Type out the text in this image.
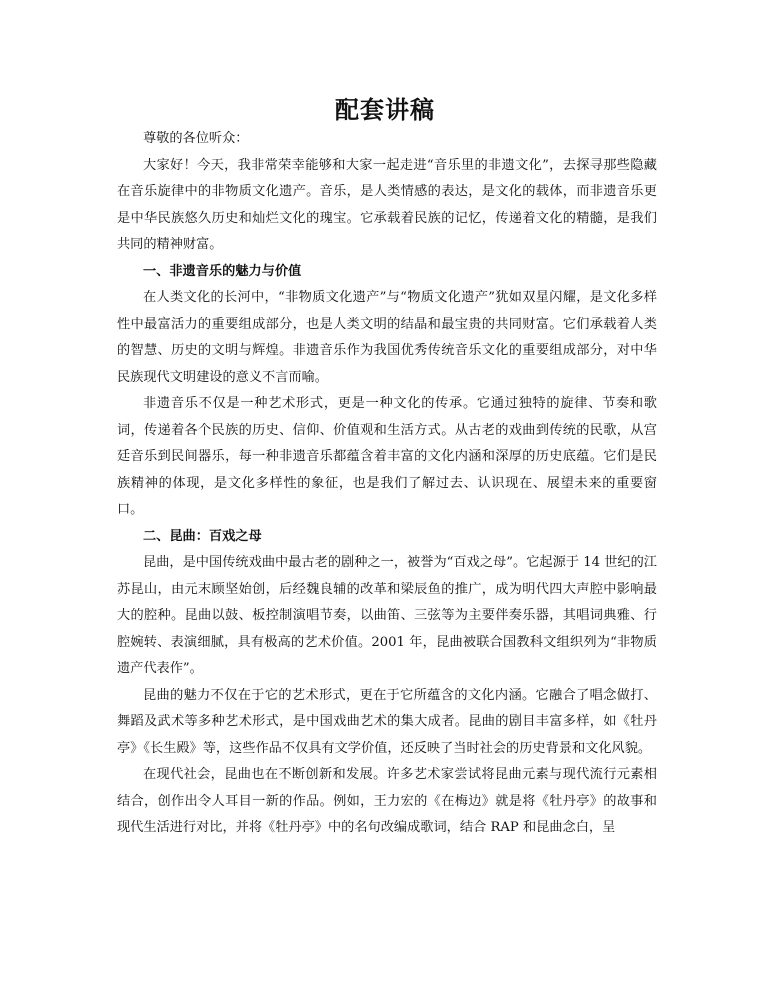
配套讲稿

尊敬的各位听众：

大家好！今天，我非常荣幸能够和大家一起走进“音乐里的非遗文化”，去探寻那些隐藏在音乐旋律中的非物质文化遗产。音乐，是人类情感的表达，是文化的载体，而非遗音乐更是中华民族悠久历史和灿烂文化的瑰宝。它承载着民族的记忆，传递着文化的精髓，是我们共同的精神财富。

一、非遗音乐的魅力与价值

在人类文化的长河中，“非物质文化遗产”与“物质文化遗产”犹如双星闪耀，是文化多样性中最富活力的重要组成部分，也是人类文明的结晶和最宝贵的共同财富。它们承载着人类的智慧、历史的文明与辉煌。非遗音乐作为我国优秀传统音乐文化的重要组成部分，对中华民族现代文明建设的意义不言而喻。

非遗音乐不仅是一种艺术形式，更是一种文化的传承。它通过独特的旋律、节奏和歌词，传递着各个民族的历史、信仰、价值观和生活方式。从古老的戏曲到传统的民歌，从宫廷音乐到民间器乐，每一种非遗音乐都蕴含着丰富的文化内涵和深厚的历史底蕴。它们是民族精神的体现，是文化多样性的象征，也是我们了解过去、认识现在、展望未来的重要窗口。

二、昆曲：百戏之母

昆曲，是中国传统戏曲中最古老的剧种之一，被誉为“百戏之母”。它起源于 14 世纪的江苏昆山，由元末顾坚始创，后经魏良辅的改革和梁辰鱼的推广，成为明代四大声腔中影响最大的腔种。昆曲以鼓、板控制演唱节奏，以曲笛、三弦等为主要伴奏乐器，其唱词典雅、行腔婉转、表演细腻，具有极高的艺术价值。2001 年，昆曲被联合国教科文组织列为“非物质遗产代表作”。

昆曲的魅力不仅在于它的艺术形式，更在于它所蕴含的文化内涵。它融合了唱念做打、舞蹈及武术等多种艺术形式，是中国戏曲艺术的集大成者。昆曲的剧目丰富多样，如《牡丹亭》《长生殿》等，这些作品不仅具有文学价值，还反映了当时社会的历史背景和文化风貌。

在现代社会，昆曲也在不断创新和发展。许多艺术家尝试将昆曲元素与现代流行元素相结合，创作出令人耳目一新的作品。例如，王力宏的《在梅边》就是将《牡丹亭》的故事和现代生活进行对比，并将《牡丹亭》中的名句改编成歌词，结合 RAP 和昆曲念白，呈
